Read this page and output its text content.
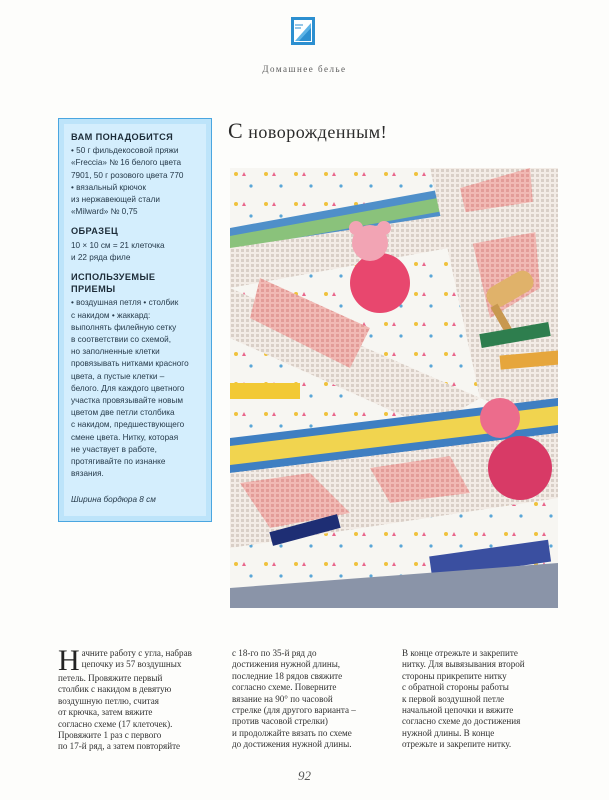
Домашнее белье
ВАМ ПОНАДОБИТСЯ
• 50 г фильдекосовой пряжи
«Freccia» № 16 белого цвета
7901, 50 г розового цвета 770
• вязальный крючок
из нержавеющей стали
«Milward» № 0,75
ОБРАЗЕЦ
10 × 10 см = 21 клеточка
и 22 ряда филе
ИСПОЛЬЗУЕМЫЕ ПРИЕМЫ
• воздушная петля • столбик
с накидом • жаккард:
выполнять филейную сетку
в соответствии со схемой,
но заполненные клетки
провязывать нитками красного
цвета, а пустые клетки –
белого. Для каждого цветного
участка провязывайте новым
цветом две петли столбика
с накидом, предшествующего
смене цвета. Нитку, которая
не участвует в работе,
протягивайте по изнанке
вязания.
Ширина бордюра 8 см
С новорожденным!
Н ачните работу с угла, набрав
цепочку из 57 воздушных
петель. Провяжите первый
столбик с накидом в девятую
воздушную петлю, считая
от крючка, затем вяжите
согласно схеме (17 клеточек).
Провяжите 1 раз с первого
по 17-й ряд, а затем повторяйте
с 18-го по 35-й ряд до
достижения нужной длины,
последние 18 рядов свяжите
согласно схеме. Поверните
вязание на 90° по часовой
стрелке (для другого варианта –
против часовой стрелки)
и продолжайте вязать по схеме
до достижения нужной длины.
В конце отрежьте и закрепите
нитку. Для вывязывания второй
стороны прикрепите нитку
с обратной стороны работы
к первой воздушной петле
начальной цепочки и вяжите
согласно схеме до достижения
нужной длины. В конце
отрежьте и закрепите нитку.
92
